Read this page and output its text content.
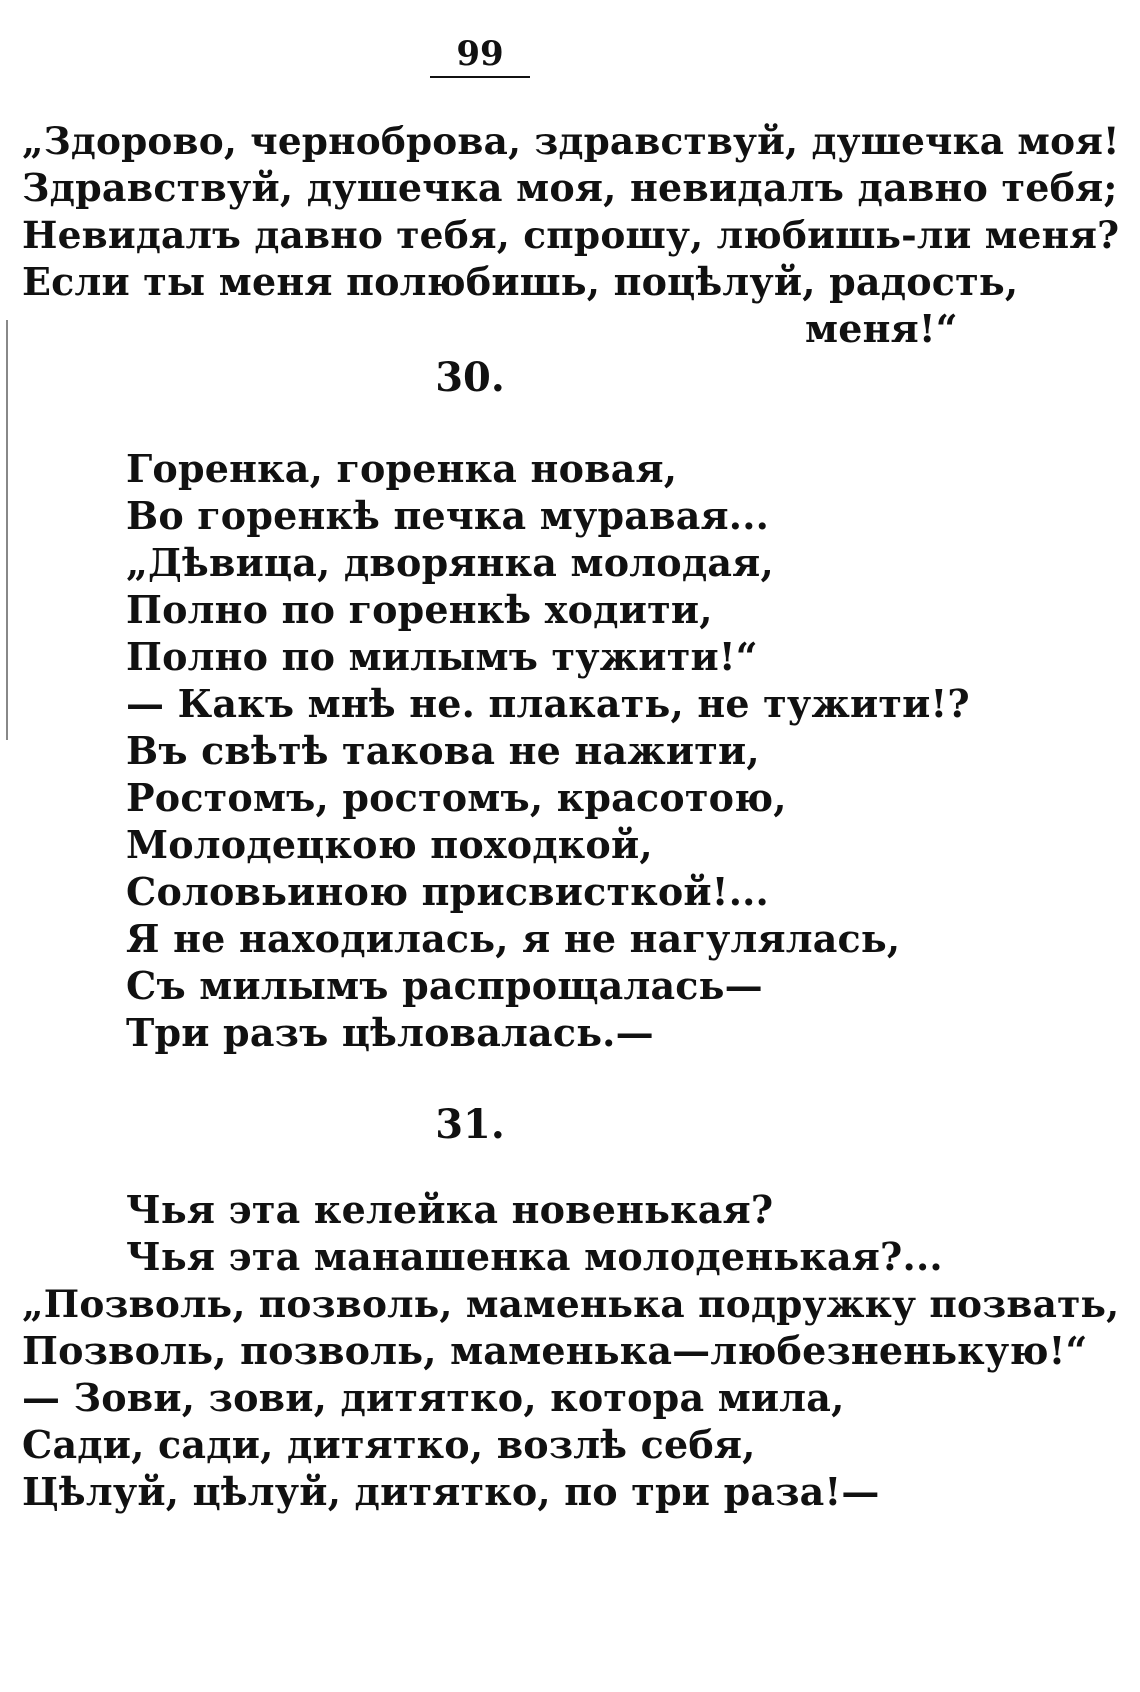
99
„Здорово, черноброва, здравствуй, душечка моя!
Здравствуй, душечка моя, невидалъ давно тебя;
Невидалъ давно тебя, спрошу, любишь-ли меня?
Если ты меня полюбишь, поцѣлуй, радость,
меня!“
30.
Горенка, горенка новая,
Во горенкѣ печка муравая...
„Дѣвица, дворянка молодая,
Полно по горенкѣ ходити,
Полно по милымъ тужити!“
— Какъ мнѣ не. плакать, не тужити!?
Въ свѣтѣ такова не нажити,
Ростомъ, ростомъ, красотою,
Молодецкою походкой,
Соловьиною присвисткой!...
Я не находилась, я не нагулялась,
Съ милымъ распрощалась—
Три разъ цѣловалась.—
31.
Чья эта келейка новенькая?
Чья эта манашенка молоденькая?...
„Позволь, позволь, маменька подружку позвать,
Позволь, позволь, маменька—любезненькую!“
— Зови, зови, дитятко, котора мила,
Сади, сади, дитятко, возлѣ себя,
Цѣлуй, цѣлуй, дитятко, по три раза!—
